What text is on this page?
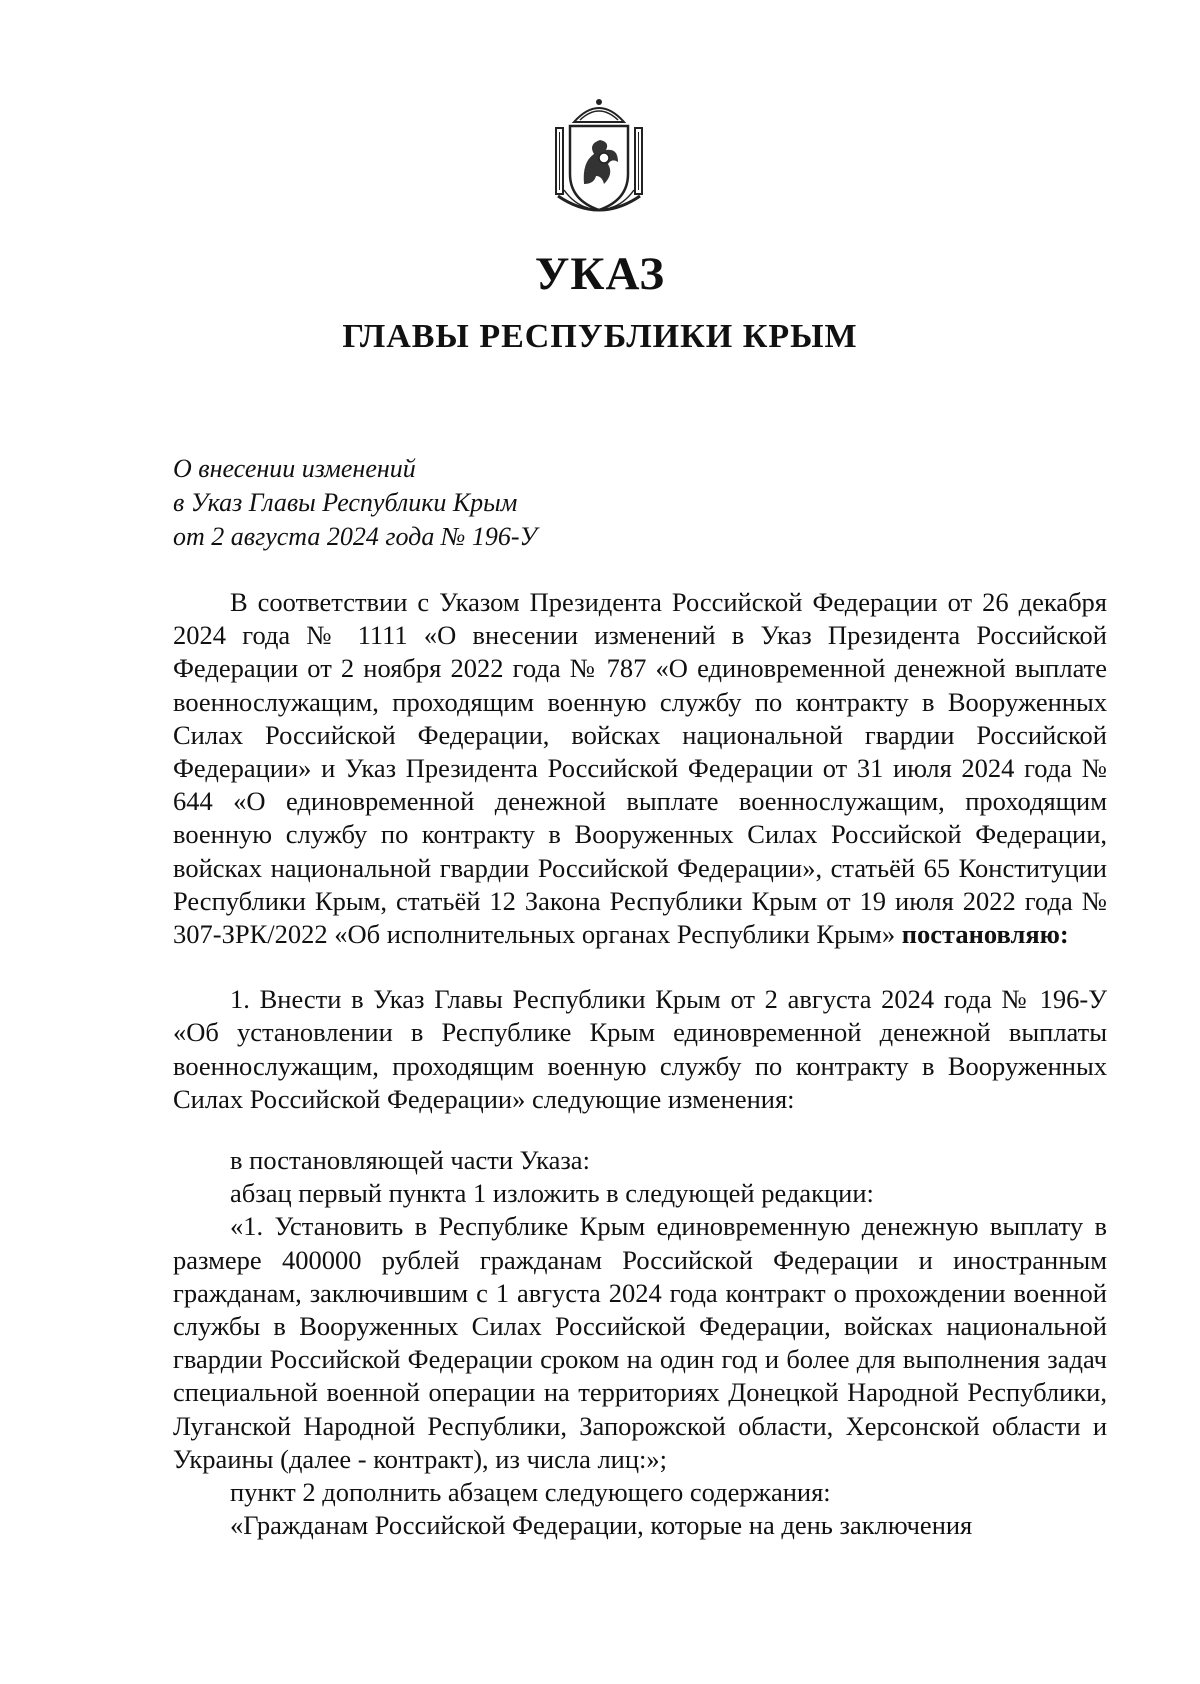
УКАЗ
ГЛАВЫ РЕСПУБЛИКИ КРЫМ
О внесении изменений
в Указ Главы Республики Крым
от 2 августа 2024 года № 196-У

В соответствии с Указом Президента Российской Федерации от 26 декабря 2024 года № 1111 «О внесении изменений в Указ Президента Российской Федерации от 2 ноября 2022 года № 787 «О единовременной денежной выплате военнослужащим, проходящим военную службу по контракту в Вооруженных Силах Российской Федерации, войсках национальной гвардии Российской Федерации» и Указ Президента Российской Федерации от 31 июля 2024 года № 644 «О единовременной денежной выплате военнослужащим, проходящим военную службу по контракту в Вооруженных Силах Российской Федерации, войсках национальной гвардии Российской Федерации», статьёй 65 Конституции Республики Крым, статьёй 12 Закона Республики Крым от 19 июля 2022 года № 307-ЗРК/2022 «Об исполнительных органах Республики Крым» постановляю:

1. Внести в Указ Главы Республики Крым от 2 августа 2024 года № 196-У «Об установлении в Республике Крым единовременной денежной выплаты военнослужащим, проходящим военную службу по контракту в Вооруженных Силах Российской Федерации» следующие изменения:

в постановляющей части Указа:

абзац первый пункта 1 изложить в следующей редакции:

«1. Установить в Республике Крым единовременную денежную выплату в размере 400000 рублей гражданам Российской Федерации и иностранным гражданам, заключившим с 1 августа 2024 года контракт о прохождении военной службы в Вооруженных Силах Российской Федерации, войсках национальной гвардии Российской Федерации сроком на один год и более для выполнения задач специальной военной операции на территориях Донецкой Народной Республики, Луганской Народной Республики, Запорожской области, Херсонской области и Украины (далее - контракт), из числа лиц:»;

пункт 2 дополнить абзацем следующего содержания:

«Гражданам Российской Федерации, которые на день заключения
